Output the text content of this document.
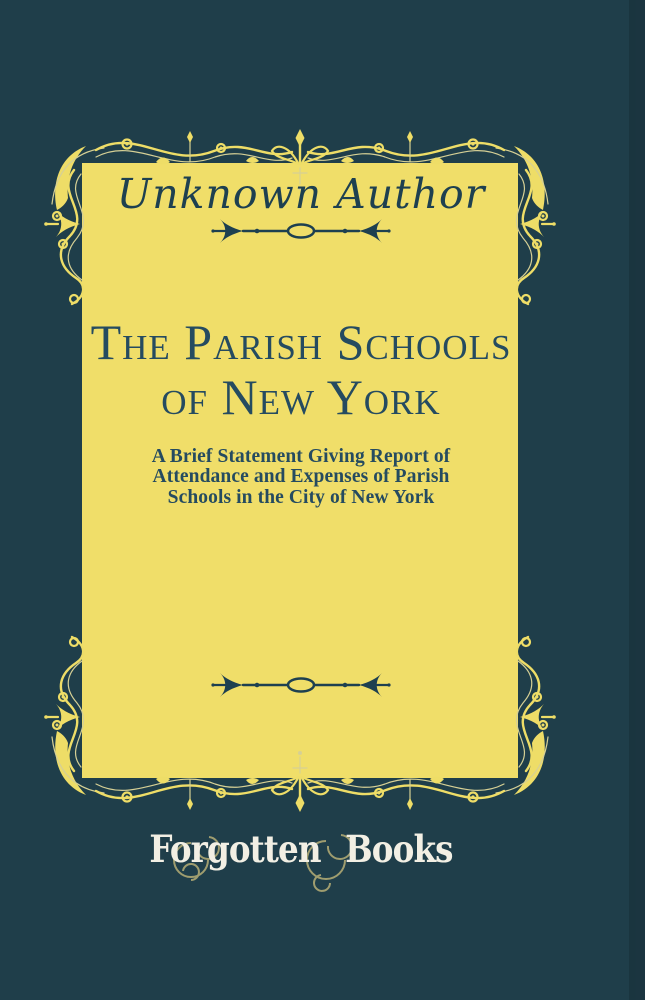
Unknown Author
The Parish Schools
of New York
A Brief Statement Giving Report of
Attendance and Expenses of Parish
Schools in the City of New York
Forgotten Books
